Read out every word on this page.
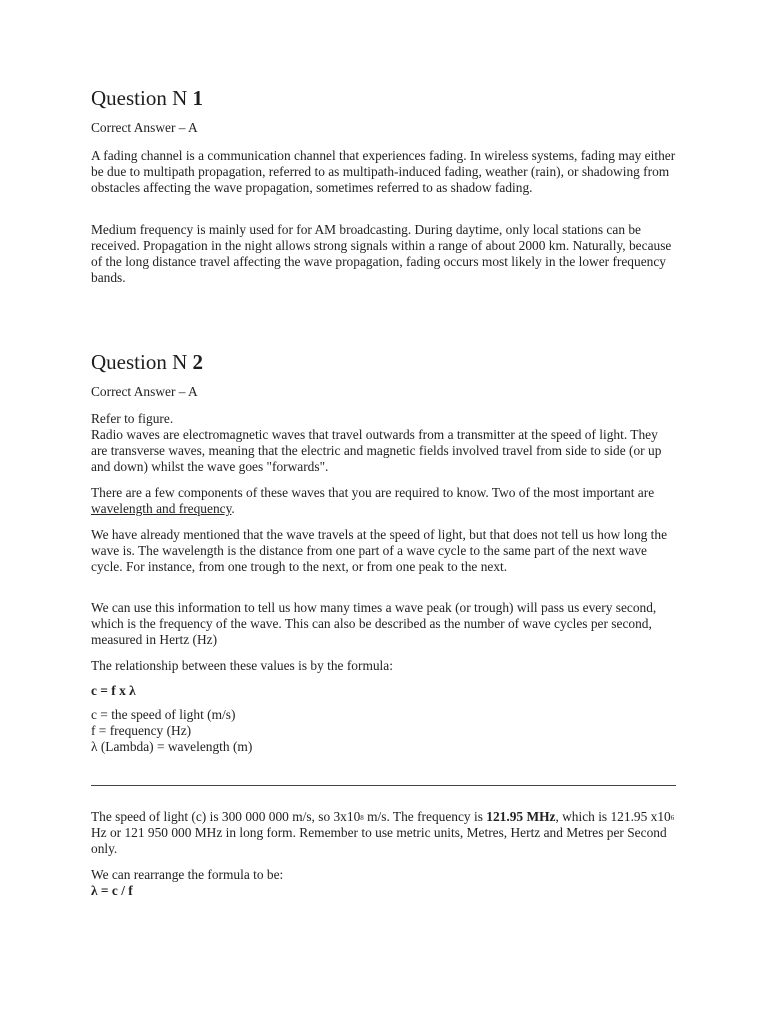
Question N 1

Correct Answer – A

A fading channel is a communication channel that experiences fading. In wireless systems, fading may either be due to multipath propagation, referred to as multipath-induced fading, weather (rain), or shadowing from obstacles affecting the wave propagation, sometimes referred to as shadow fading.

Medium frequency is mainly used for for AM broadcasting. During daytime, only local stations can be received. Propagation in the night allows strong signals within a range of about 2000 km. Naturally, because of the long distance travel affecting the wave propagation, fading occurs most likely in the lower frequency bands.

Question N 2

Correct Answer – A

Refer to figure.

Radio waves are electromagnetic waves that travel outwards from a transmitter at the speed of light. They are transverse waves, meaning that the electric and magnetic fields involved travel from side to side (or up and down) whilst the wave goes "forwards".

There are a few components of these waves that you are required to know. Two of the most important are wavelength and frequency.

We have already mentioned that the wave travels at the speed of light, but that does not tell us how long the wave is. The wavelength is the distance from one part of a wave cycle to the same part of the next wave cycle. For instance, from one trough to the next, or from one peak to the next.

We can use this information to tell us how many times a wave peak (or trough) will pass us every second, which is the frequency of the wave. This can also be described as the number of wave cycles per second, measured in Hertz (Hz)

The relationship between these values is by the formula:

c = f x λ

c = the speed of light (m/s)

f = frequency (Hz)

λ (Lambda) = wavelength (m)

The speed of light (c) is 300 000 000 m/s, so $3x10^8$ m/s. The frequency is 121.95 MHz, which is 121.95 $x10^6$ Hz or 121 950 000 MHz in long form. Remember to use metric units, Metres, Hertz and Metres per Second only.

We can rearrange the formula to be:

λ = c / f
